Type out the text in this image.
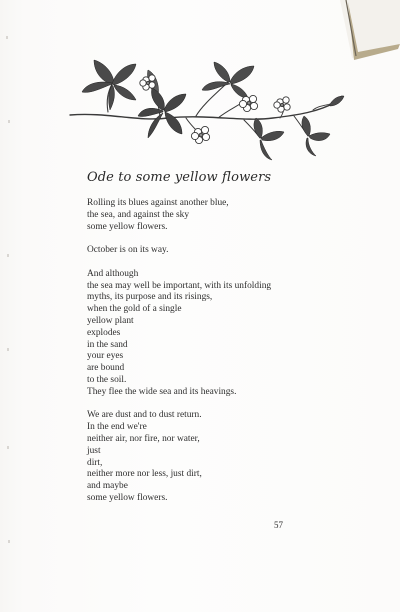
Ode to some yellow flowers
Rolling its blues against another blue,
the sea, and against the sky
some yellow flowers.
October is on its way.
And although
the sea may well be important, with its unfolding
myths, its purpose and its risings,
when the gold of a single
yellow plant
explodes
in the sand
your eyes
are bound
to the soil.
They flee the wide sea and its heavings.
We are dust and to dust return.
In the end we're
neither air, nor fire, nor water,
just
dirt,
neither more nor less, just dirt,
and maybe
some yellow flowers.
57
